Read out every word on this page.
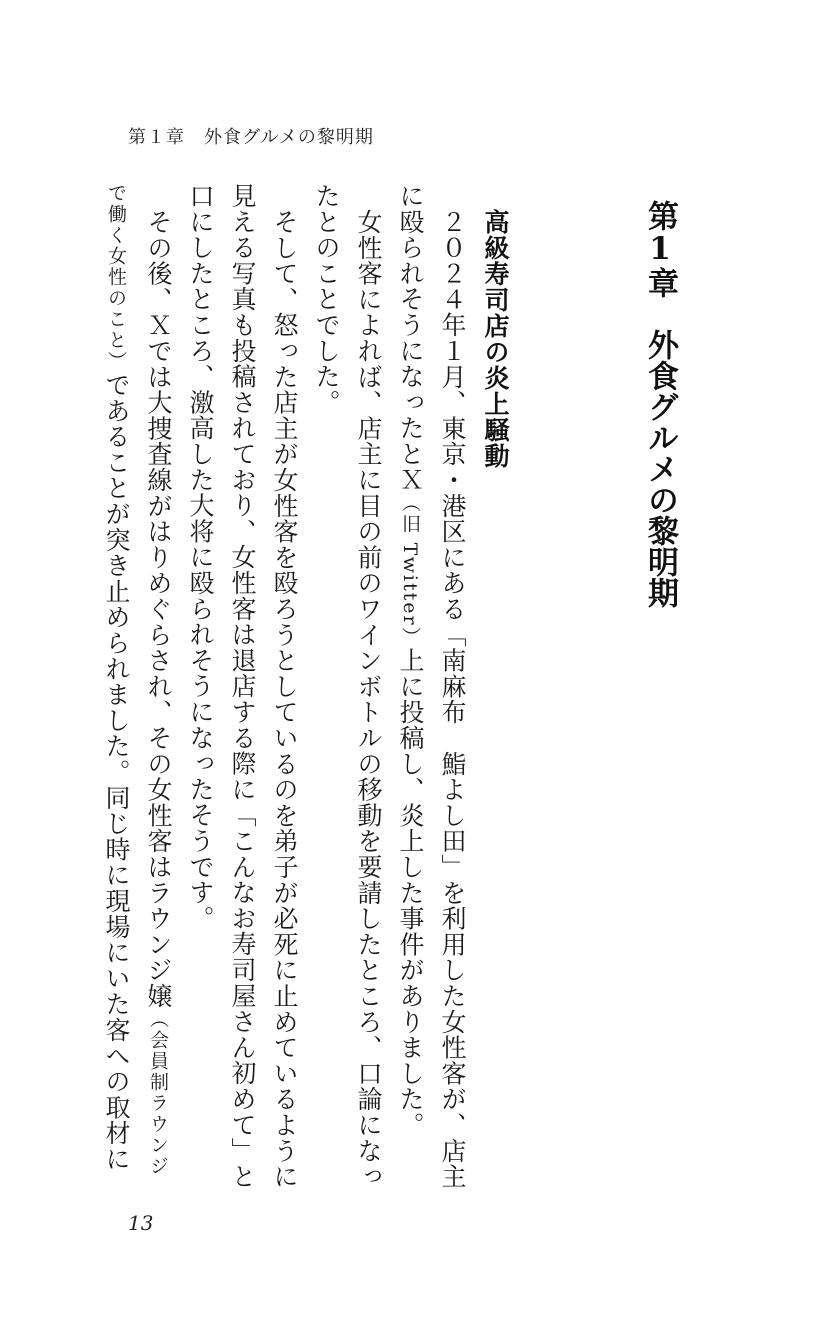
第１章　外食グルメの黎明期
第1章　外食グルメの黎明期
高級寿司店の炎上騒動
２０２４年１月、東京・港区にある「南麻布　鮨よし田」を利用した女性客が、店主
に殴られそうになったとＸ（旧 Twitter）上に投稿し、炎上した事件がありました。
女性客によれば、店主に目の前のワインボトルの移動を要請したところ、口論になっ
たとのことでした。
そして、怒った店主が女性客を殴ろうとしているのを弟子が必死に止めているように
見える写真も投稿されており、女性客は退店する際に「こんなお寿司屋さん初めて」と
口にしたところ、激高した大将に殴られそうになったそうです。
その後、Ｘでは大捜査線がはりめぐらされ、その女性客はラウンジ嬢（会員制ラウンジ
で働く女性のこと）であることが突き止められました。同じ時に現場にいた客への取材に
13
